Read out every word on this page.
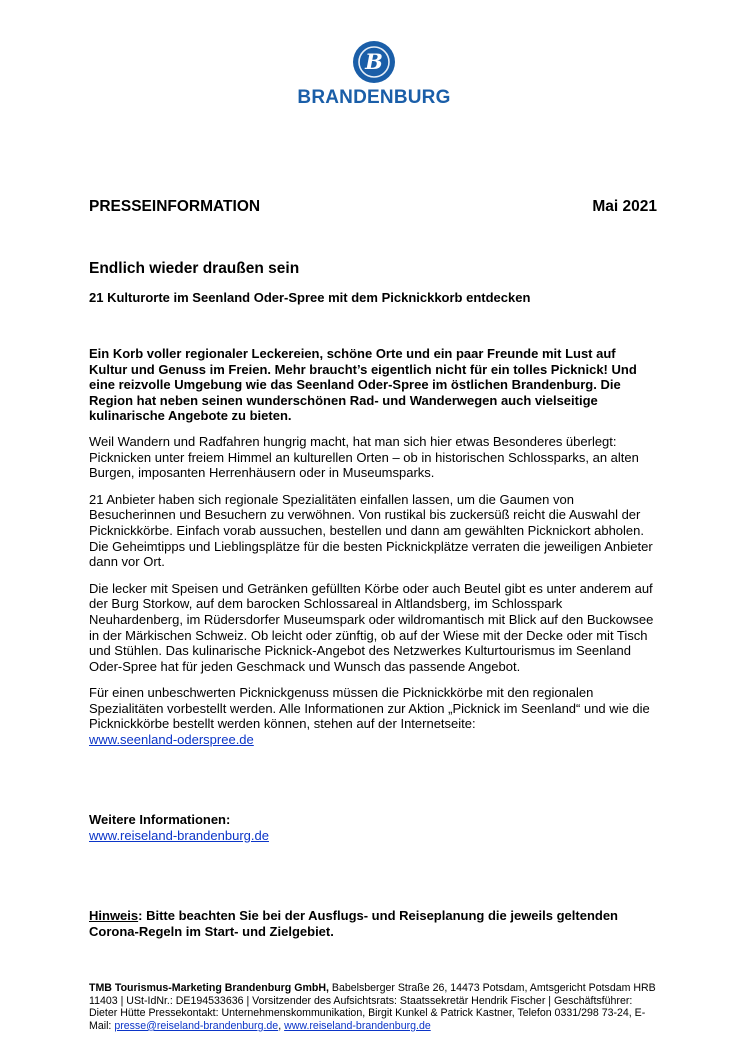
B
BRANDENBURG
PRESSEINFORMATION	Mai 2021
Endlich wieder draußen sein
21 Kulturorte im Seenland Oder-Spree mit dem Picknickkorb entdecken

Ein Korb voller regionaler Leckereien, schöne Orte und ein paar Freunde mit Lust auf Kultur und Genuss im Freien. Mehr braucht’s eigentlich nicht für ein tolles Picknick! Und eine reizvolle Umgebung wie das Seenland Oder-Spree im östlichen Brandenburg. Die Region hat neben seinen wunderschönen Rad- und Wanderwegen auch vielseitige kulinarische Angebote zu bieten.

Weil Wandern und Radfahren hungrig macht, hat man sich hier etwas Besonderes überlegt: Picknicken unter freiem Himmel an kulturellen Orten – ob in historischen Schlossparks, an alten Burgen, imposanten Herrenhäusern oder in Museumsparks.

21 Anbieter haben sich regionale Spezialitäten einfallen lassen, um die Gaumen von Besucherinnen und Besuchern zu verwöhnen. Von rustikal bis zuckersüß reicht die Auswahl der Picknickkörbe. Einfach vorab aussuchen, bestellen und dann am gewählten Picknickort abholen. Die Geheimtipps und Lieblingsplätze für die besten Picknickplätze verraten die jeweiligen Anbieter dann vor Ort.

Die lecker mit Speisen und Getränken gefüllten Körbe oder auch Beutel gibt es unter anderem auf der Burg Storkow, auf dem barocken Schlossareal in Altlandsberg, im Schlosspark Neuhardenberg, im Rüdersdorfer Museumspark oder wildromantisch mit Blick auf den Buckowsee in der Märkischen Schweiz. Ob leicht oder zünftig, ob auf der Wiese mit der Decke oder mit Tisch und Stühlen. Das kulinarische Picknick-Angebot des Netzwerkes Kulturtourismus im Seenland Oder-Spree hat für jeden Geschmack und Wunsch das passende Angebot.

Für einen unbeschwerten Picknickgenuss müssen die Picknickkörbe mit den regionalen Spezialitäten vorbestellt werden. Alle Informationen zur Aktion „Picknick im Seenland“ und wie die Picknickkörbe bestellt werden können, stehen auf der Internetseite:
www.seenland-oderspree.de

Weitere Informationen:
www.reiseland-brandenburg.de
Hinweis: Bitte beachten Sie bei der Ausflugs- und Reiseplanung die jeweils geltenden Corona-Regeln im Start- und Zielgebiet.
TMB Tourismus-Marketing Brandenburg GmbH, Babelsberger Straße 26, 14473 Potsdam, Amtsgericht Potsdam HRB 11403 | USt-IdNr.: DE194533636 | Vorsitzender des Aufsichtsrats: Staatssekretär Hendrik Fischer | Geschäftsführer: Dieter Hütte Pressekontakt: Unternehmenskommunikation, Birgit Kunkel & Patrick Kastner, Telefon 0331/298 73-24, E-Mail: presse@reiseland-brandenburg.de, www.reiseland-brandenburg.de
